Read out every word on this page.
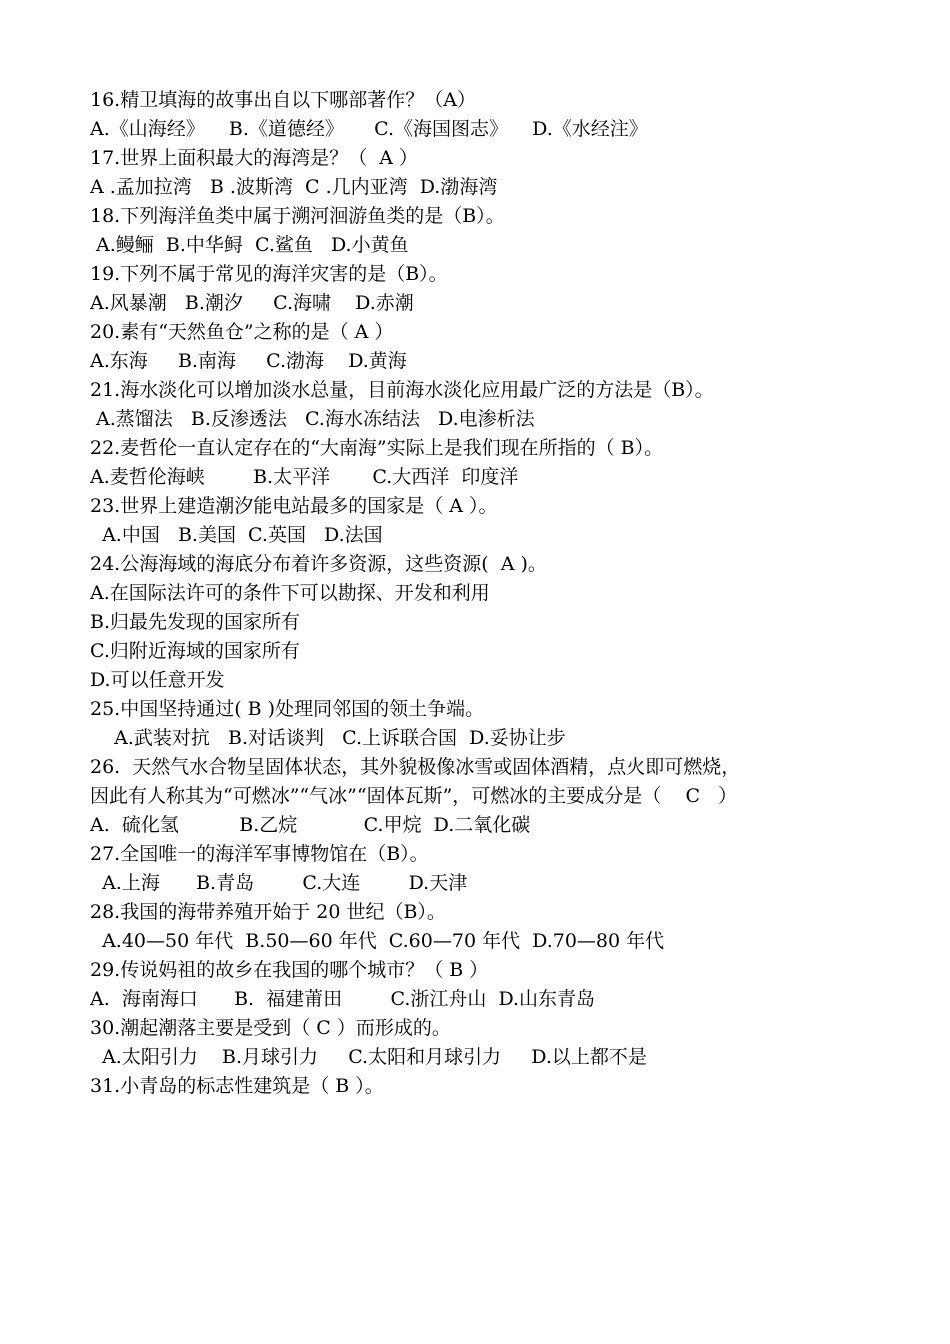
16.精卫填海的故事出自以下哪部著作？（A）
A.《山海经》    B.《道德经》     C.《海国图志》    D.《水经注》
17.世界上面积最大的海湾是？（  A ）
A .孟加拉湾   B .波斯湾  C .几内亚湾  D.渤海湾
18.下列海洋鱼类中属于溯河洄游鱼类的是（B）。
A.鳗鲡  B.中华鲟  C.鲨鱼   D.小黄鱼
19.下列不属于常见的海洋灾害的是（B）。
A.风暴潮   B.潮汐     C.海啸    D.赤潮
20.素有“天然鱼仓”之称的是（ A ）
A.东海     B.南海     C.渤海    D.黄海
21.海水淡化可以增加淡水总量，目前海水淡化应用最广泛的方法是（B）。
A.蒸馏法   B.反渗透法   C.海水冻结法   D.电渗析法
22.麦哲伦一直认定存在的“大南海”实际上是我们现在所指的（ B）。
A.麦哲伦海峡        B.太平洋       C.大西洋  印度洋
23.世界上建造潮汐能电站最多的国家是（ A ）。
A.中国   B.美国  C.英国   D.法国
24.公海海域的海底分布着许多资源，这些资源(  A )。
A.在国际法许可的条件下可以勘探、开发和利用
B.归最先发现的国家所有
C.归附近海域的国家所有
D.可以任意开发
25.中国坚持通过( B )处理同邻国的领土争端。
A.武装对抗   B.对话谈判   C.上诉联合国  D.妥协让步
26.  天然气水合物呈固体状态，其外貌极像冰雪或固体酒精，点火即可燃烧，
因此有人称其为“可燃冰”“气冰”“固体瓦斯”，可燃冰的主要成分是（    C   ）
A.  硫化氢          B.乙烷           C.甲烷  D.二氧化碳
27.全国唯一的海洋军事博物馆在（B）。
A.上海      B.青岛        C.大连        D.天津
28.我国的海带养殖开始于 20 世纪（B）。
A.40—50 年代  B.50—60 年代  C.60—70 年代  D.70—80 年代
29.传说妈祖的故乡在我国的哪个城市？（ B ）
A.  海南海口      B.  福建莆田        C.浙江舟山  D.山东青岛
30.潮起潮落主要是受到（ C ）而形成的。
A.太阳引力    B.月球引力     C.太阳和月球引力     D.以上都不是
31.小青岛的标志性建筑是（ B ）。
